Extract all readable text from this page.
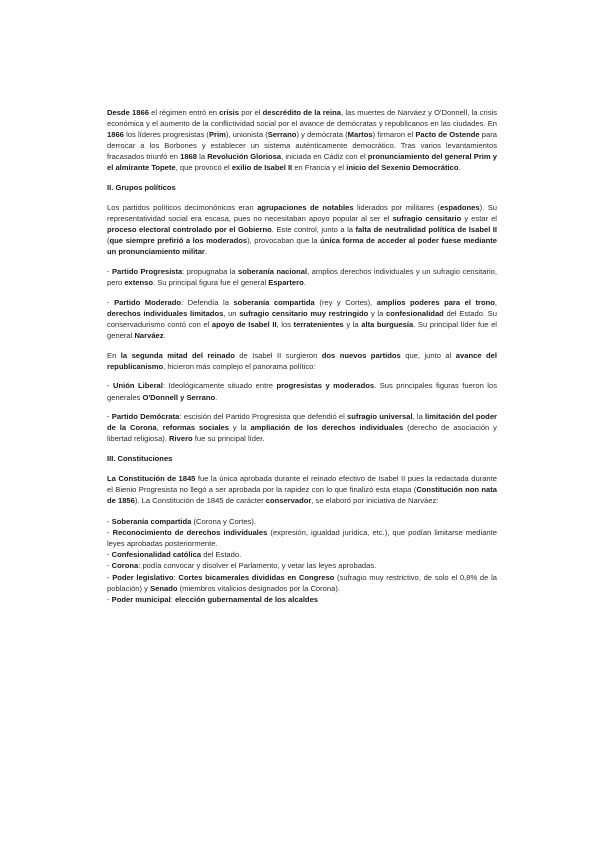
Desde 1866 el régimen entró en crisis por el descrédito de la reina, las muertes de Narváez y O'Donnell, la crisis económica y el aumento de la conflictividad social por el avance de demócratas y republicanos en las ciudades. En 1866 los líderes progresistas (Prim), unionista (Serrano) y demócrata (Martos) firmaron el Pacto de Ostende para derrocar a los Borbones y establecer un sistema auténticamente democrático. Tras varios levantamientos fracasados triunfó en 1868 la Revolución Gloriosa, iniciada en Cádiz con el pronunciamiento del general Prim y el almirante Topete, que provocó el exilio de Isabel II en Francia y el inicio del Sexenio Democrático.

II. Grupos políticos

Los partidos políticos decimonónicos eran agrupaciones de notables liderados por militares (espadones). Su representatividad social era escasa, pues no necesitaban apoyo popular al ser el sufragio censitario y estar el proceso electoral controlado por el Gobierno. Este control, junto a la falta de neutralidad política de Isabel II (que siempre prefirió a los moderados), provocaban que la única forma de acceder al poder fuese mediante un pronunciamiento militar.

- Partido Progresista: propugnaba la soberanía nacional, amplios derechos individuales y un sufragio censitario, pero extenso. Su principal figura fue el general Espartero.

- Partido Moderado: Defendía la soberanía compartida (rey y Cortes), amplios poderes para el trono, derechos individuales limitados, un sufragio censitario muy restringido y la confesionalidad del Estado. Su conservadurismo contó con el apoyo de Isabel II, los terratenientes y la alta burguesía. Su principal líder fue el general Narváez.

En la segunda mitad del reinado de Isabel II surgieron dos nuevos partidos que, junto al avance del republicanismo, hicieron más complejo el panorama político:

- Unión Liberal: Ideológicamente situado entre progresistas y moderados. Sus principales figuras fueron los generales O'Donnell y Serrano.

- Partido Demócrata: escisión del Partido Progresista que defendió el sufragio universal, la limitación del poder de la Corona, reformas sociales y la ampliación de los derechos individuales (derecho de asociación y libertad religiosa). Rivero fue su principal líder.

III. Constituciones

La Constitución de 1845 fue la única aprobada durante el reinado efectivo de Isabel II pues la redactada durante el Bienio Progresista no llegó a ser aprobada por la rapidez con lo que finalizó esta etapa (Constitución non nata de 1856). La Constitución de 1845 de carácter conservador, se elaboró por iniciativa de Narváez:

- Soberanía compartida (Corona y Cortes).
- Reconocimiento de derechos individuales (expresión, igualdad jurídica, etc.), que podían limitarse mediante leyes aprobadas posteriormente.
- Confesionalidad católica del Estado.
- Corona: podía convocar y disolver el Parlamento, y vetar las leyes aprobadas.
- Poder legislativo: Cortes bicamerales divididas en Congreso (sufragio muy restrictivo, de solo el 0,8% de la población) y Senado (miembros vitalicios designados por la Corona).
- Poder municipal: elección gubernamental de los alcaldes
